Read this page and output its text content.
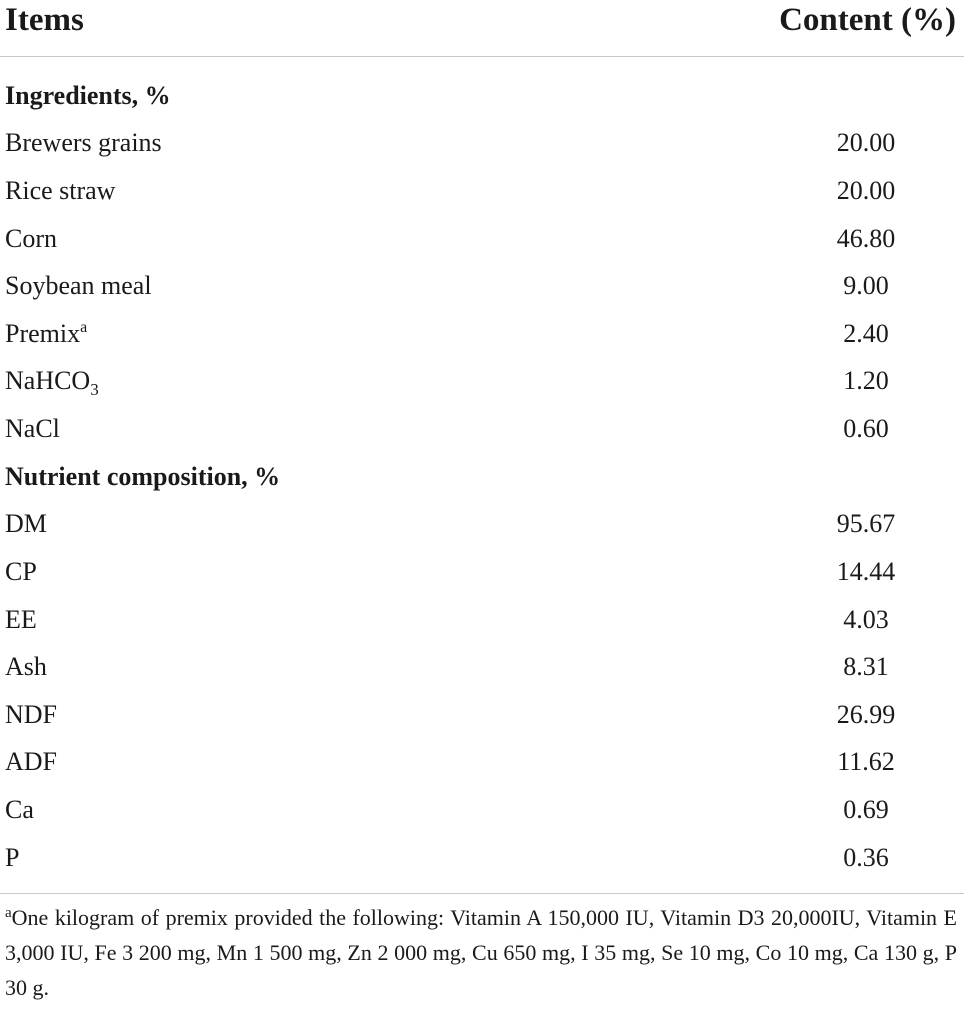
Items	Content (%)
Ingredients, %
Brewers grains	20.00
Rice straw	20.00
Corn	46.80
Soybean meal	9.00
Premix$^a$	2.40
NaHCO$_3$	1.20
NaCl	0.60
Nutrient composition, %
DM	95.67
CP	14.44
EE	4.03
Ash	8.31
NDF	26.99
ADF	11.62
Ca	0.69
P	0.36
$^a$One kilogram of premix provided the following: Vitamin A 150,000 IU, Vitamin D3 20,000IU, Vitamin E 3,000 IU, Fe 3 200 mg, Mn 1 500 mg, Zn 2 000 mg, Cu 650 mg, I 35 mg, Se 10 mg, Co 10 mg, Ca 130 g, P 30 g.
